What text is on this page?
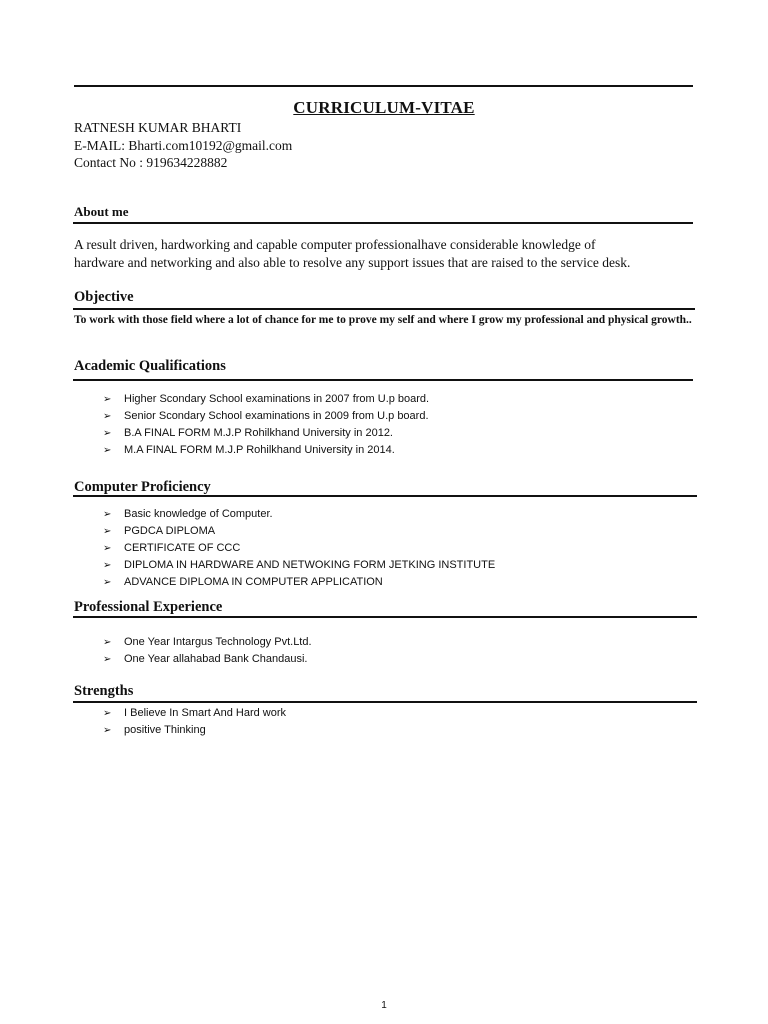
CURRICULUM-VITAE
RATNESH KUMAR BHARTI
E-MAIL: Bharti.com10192@gmail.com
Contact No : 919634228882
About me
A result driven, hardworking and capable computer professionalhave considerable knowledge of
hardware and networking and also able to resolve any support issues that are raised to the service desk.
Objective
To work with those field where a lot of chance for me to prove my self and where I grow my professional and physical growth..
Academic Qualifications
➢ Higher Scondary School examinations in 2007 from U.p board.
➢ Senior Scondary School examinations in 2009 from U.p board.
➢ B.A FINAL FORM M.J.P Rohilkhand University in 2012.
➢ M.A FINAL FORM M.J.P Rohilkhand University in 2014.
Computer Proficiency
➢ Basic knowledge of Computer.
➢ PGDCA DIPLOMA
➢ CERTIFICATE OF CCC
➢ DIPLOMA IN HARDWARE AND NETWOKING FORM JETKING INSTITUTE
➢ ADVANCE DIPLOMA IN COMPUTER APPLICATION
Professional Experience
➢ One Year Intargus Technology Pvt.Ltd.
➢ One Year allahabad Bank Chandausi.
Strengths
➢ I Believe In Smart And Hard work
➢ positive Thinking
1
